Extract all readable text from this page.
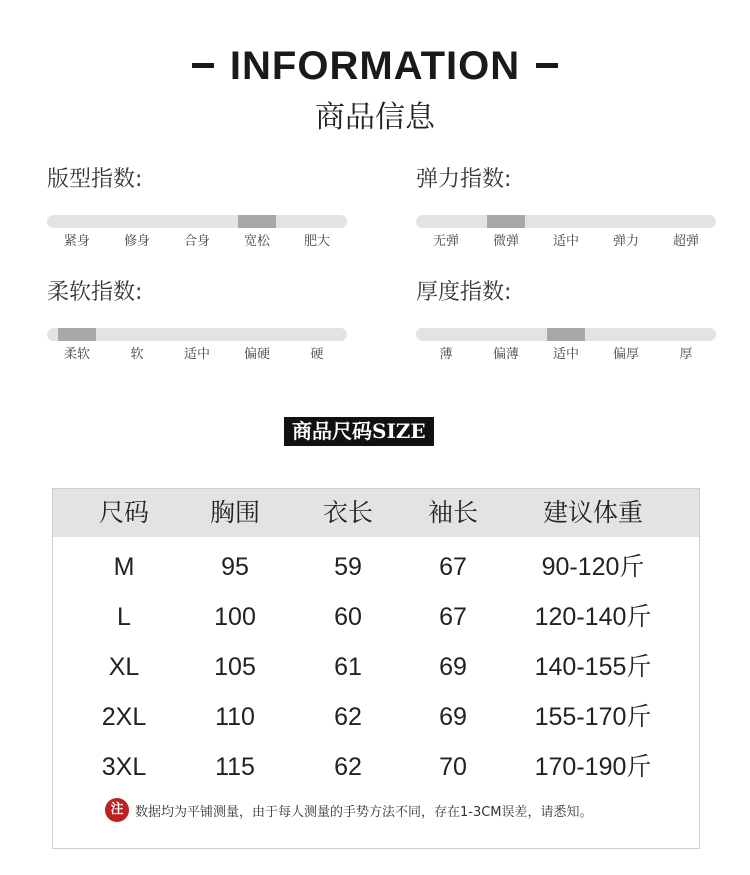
INFORMATION
商品信息
版型指数:
紧身	修身	合身	宽松	肥大
弹力指数:
无弹	微弹	适中	弹力	超弹
柔软指数:
柔软	软	适中	偏硬	硬
厚度指数:
薄	偏薄	适中	偏厚	厚
商品尺码SIZE
尺码	胸围	衣长	袖长	建议体重
M	95	59	67	90-120斤
L	100	60	67	120-140斤
XL	105	61	69	140-155斤
2XL	110	62	69	155-170斤
3XL	115	62	70	170-190斤
注 数据均为平铺测量，由于每人测量的手势方法不同，存在1-3CM误差，请悉知。
